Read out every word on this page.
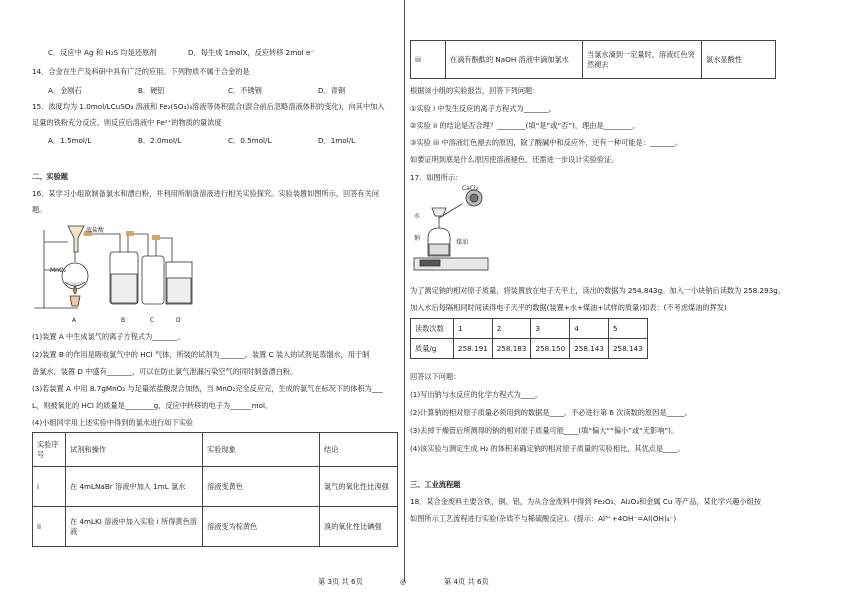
C．反应中 Ag 和 H₂S 均是还原剂	D．每生成 1molX，反应转移 2mol e⁻

14．合金在生产及科研中具有广泛的应用。下列物质不属于合金的是

A．金刚石	B．硬铝	C．不锈钢	D．青铜

15．浓度均为 1.0mol/LCuSO₄ 溶液和 Fe₂(SO₄)₃溶液等体积混合(混合前后忽略溶液体积的变化)，向其中加入

足量的铁粉充分反应，则反应后溶液中 Fe²⁺的物质的量浓度

A．1.5mol/L	B．2.0mol/L	C．0.5mol/L	D．1mol/L

二、实验题

16．某学习小组欲制备氯水和漂白粉，并利用所制备溶液进行相关实验探究。实验装置如图所示，回答有关问

题。

浓盐酸
MnO₂
A	B	C	D

(1)装置 A 中生成氯气的离子方程式为_______。

(2)装置 B 的作用是吸收氯气中的 HCl 气体，所装的试剂为_______。装置 C 装入的试剂是蒸馏水，用于制

备氯水，装置 D 中盛有_______，可以在防止氯气泄漏污染空气的同时制备漂白粉。

(3)若装置 A 中用 8.7gMnO₂ 与足量浓盐酸混合加热，当 MnO₂完全反应完，生成的氯气在标况下的体积为___

L，则被氧化的 HCl 的质量是________g，反应中转移的电子为______mol。

(4)小组同学用上述实验中得到的氯水进行如下实验

实验序号	试剂和操作	实验现象	结论
i	在 4mLNaBr 溶液中加入 1mL 氯水	溶液变黄色	氯气的氧化性比溴强
ii	在 4mLKI 溶液中加入实验 i 所得黄色溶液	溶液变为棕黄色	溴的氧化性比碘强
iii	在滴有酚酞的 NaOH 溶液中滴加氯水	当氯水滴到一定量时，溶液红色突然褪去	氯水显酸性

根据该小组的实验报告，回答下列问题：

①实验 i 中发生反应的离子方程式为_______。

②实验 ii 的结论是否合理？________(填“是”或“否”)，理由是________。

③实验 iii 中溶液红色褪去的原因，除了酸碱中和反应外，还有一种可能是：_______。

如要证明到底是什么原因使溶液褪色，还需进一步设计实验验证。

17．如图所示：

CaCl₂
水
钠
煤油

为了测定钠的相对原子质量，将装置放在电子天平上，读出的数据为 254.843g。加入一小块钠后读数为 258.293g，

加入水后每隔相同时间读得电子天平的数据(装置+水+煤油+试样的质量)如表：(不考虑煤油的挥发)

读数次数	1	2	3	4	5
质量/g	258.191	258.183	258.150	258.143	258.143

回答以下问题：

(1)写出钠与水反应的化学方程式为____。

(2)计算钠的相对原子质量必须用到的数据是____，不必进行第 6 次读数的原因是_____。

(3)去掉干燥管后所测得的钠的相对原子质量可能____(填“偏大”“偏小”或“无影响”)。

(4)该实验与测定生成 H₂ 的体积来确定钠的相对原子质量的实验相比，其优点是____。

三、工业流程题

18．某合金废料主要含铁、铜、铝，为从合金废料中得到 Fe₂O₃、Al₂O₃和金属 Cu 等产品，某化学兴趣小组按

如图所示工艺流程进行实验(杂质不与稀硫酸反应)。(提示：Al³⁺+4OH⁻=Al(OH)₄⁻)

第 3页 共 6页	◎	第 4页 共 6页
